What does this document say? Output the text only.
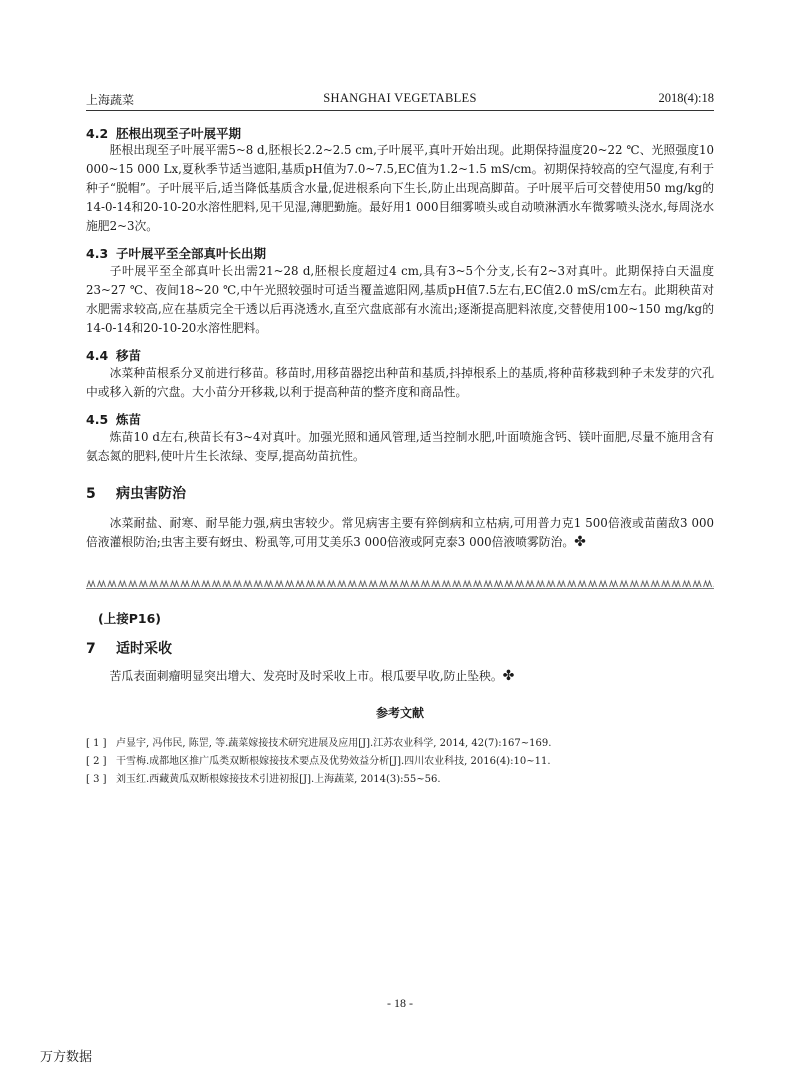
上海蔬菜	SHANGHAI VEGETABLES	2018(4):18
4.2 胚根出现至子叶展平期

胚根出现至子叶展平需5~8 d,胚根长2.2~2.5 cm,子叶展平,真叶开始出现。此期保持温度20~22 ℃、光照强度10 000~15 000 Lx,夏秋季节适当遮阳,基质pH值为7.0~7.5,EC值为1.2~1.5 mS/cm。初期保持较高的空气湿度,有利于种子“脱帽”。子叶展平后,适当降低基质含水量,促进根系向下生长,防止出现高脚苗。子叶展平后可交替使用50 mg/kg的14-0-14和20-10-20水溶性肥料,见干见湿,薄肥勤施。最好用1 000目细雾喷头或自动喷淋洒水车微雾喷头浇水,每周浇水施肥2~3次。

4.3 子叶展平至全部真叶长出期

子叶展平至全部真叶长出需21~28 d,胚根长度超过4 cm,具有3~5个分支,长有2~3对真叶。此期保持白天温度23~27 ℃、夜间18~20 ℃,中午光照较强时可适当覆盖遮阳网,基质pH值7.5左右,EC值2.0 mS/cm左右。此期秧苗对水肥需求较高,应在基质完全干透以后再浇透水,直至穴盘底部有水流出;逐渐提高肥料浓度,交替使用100~150 mg/kg的14-0-14和20-10-20水溶性肥料。

4.4 移苗

冰菜种苗根系分叉前进行移苗。移苗时,用移苗器挖出种苗和基质,抖掉根系上的基质,将种苗移栽到种子未发芽的穴孔中或移入新的穴盘。大小苗分开移栽,以利于提高种苗的整齐度和商品性。

4.5 炼苗

炼苗10 d左右,秧苗长有3~4对真叶。加强光照和通风管理,适当控制水肥,叶面喷施含钙、镁叶面肥,尽量不施用含有氨态氮的肥料,使叶片生长浓绿、变厚,提高幼苗抗性。

5 病虫害防治

冰菜耐盐、耐寒、耐旱能力强,病虫害较少。常见病害主要有猝倒病和立枯病,可用普力克1 500倍液或苗菌敌3 000倍液灌根防治;虫害主要有蚜虫、粉虱等,可用艾美乐3 000倍液或阿克泰3 000倍液喷雾防治。✤

(上接P16)
7 适时采收

苦瓜表面刺瘤明显突出增大、发亮时及时采收上市。根瓜要早收,防止坠秧。✤

参考文献
[ 1 ] 卢显宇, 冯伟民, 陈罡, 等.蔬菜嫁接技术研究进展及应用[J].江苏农业科学, 2014, 42(7):167~169.
[ 2 ] 干雪梅.成都地区推广瓜类双断根嫁接技术要点及优势效益分析[J].四川农业科技, 2016(4):10~11.
[ 3 ] 刘玉红.西藏黄瓜双断根嫁接技术引进初报[J].上海蔬菜, 2014(3):55~56.
- 18 -
万方数据
